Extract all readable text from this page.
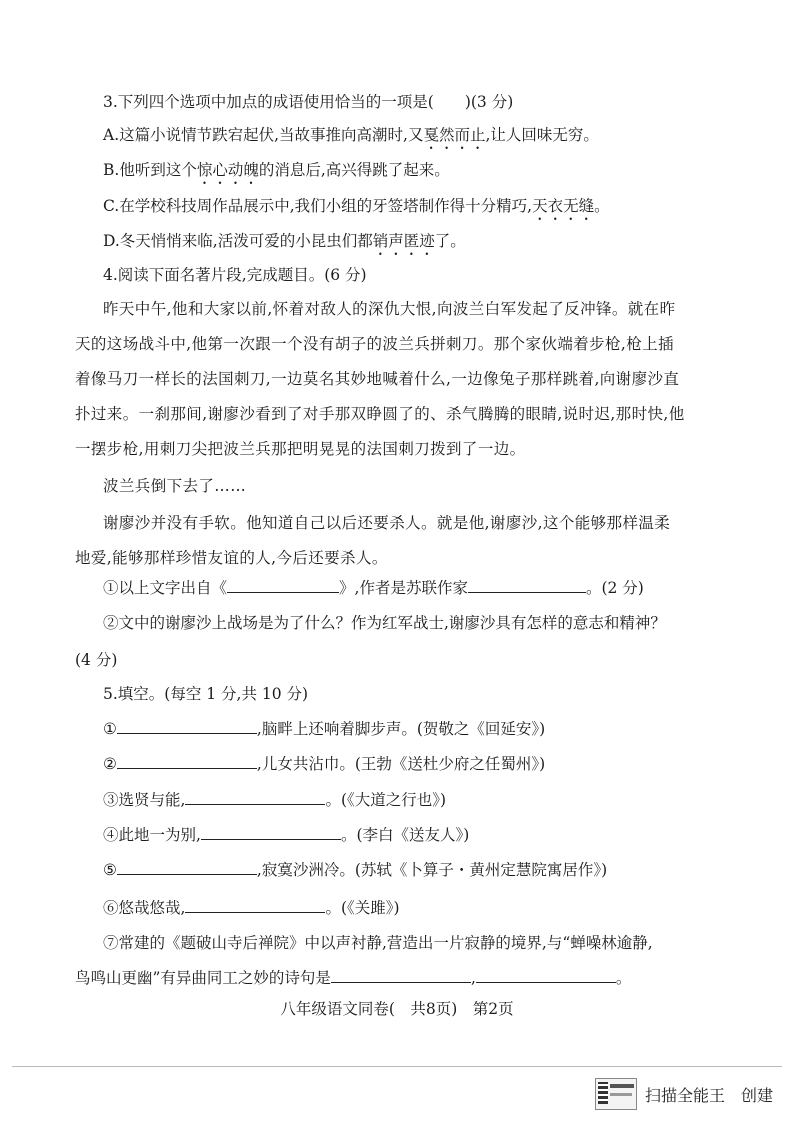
3.下列四个选项中加点的成语使用恰当的一项是(　　)(3 分)
A.这篇小说情节跌宕起伏,当故事推向高潮时,又戛然而止,让人回味无穷。
B.他听到这个惊心动魄的消息后,高兴得跳了起来。
C.在学校科技周作品展示中,我们小组的牙签塔制作得十分精巧,天衣无缝。
D.冬天悄悄来临,活泼可爱的小昆虫们都销声匿迹了。
4.阅读下面名著片段,完成题目。(6 分)
昨天中午,他和大家以前,怀着对敌人的深仇大恨,向波兰白军发起了反冲锋。就在昨天的这场战斗中,他第一次跟一个没有胡子的波兰兵拼刺刀。那个家伙端着步枪,枪上插着像马刀一样长的法国刺刀,一边莫名其妙地喊着什么,一边像兔子那样跳着,向谢廖沙直扑过来。一刹那间,谢廖沙看到了对手那双睁圆了的、杀气腾腾的眼睛,说时迟,那时快,他一摆步枪,用刺刀尖把波兰兵那把明晃晃的法国刺刀拨到了一边。
波兰兵倒下去了……
谢廖沙并没有手软。他知道自己以后还要杀人。就是他,谢廖沙,这个能够那样温柔地爱,能够那样珍惜友谊的人,今后还要杀人。
①以上文字出自《	》,作者是苏联作家	。(2 分)
②文中的谢廖沙上战场是为了什么？作为红军战士,谢廖沙具有怎样的意志和精神？
(4 分)
5.填空。(每空 1 分,共 10 分)
①	,脑畔上还响着脚步声。(贺敬之《回延安》)
②	,儿女共沾巾。(王勃《送杜少府之任蜀州》)
③选贤与能,	。(《大道之行也》)
④此地一为别,	。(李白《送友人》)
⑤	,寂寞沙洲冷。(苏轼《卜算子・黄州定慧院寓居作》)
⑥悠哉悠哉,	。(《关雎》)
⑦常建的《题破山寺后禅院》中以声衬静,营造出一片寂静的境界,与“蝉噪林逾静,
鸟鸣山更幽”有异曲同工之妙的诗句是	,	。
八年级语文同卷(　共8页)　第2页
扫描全能王　创建
